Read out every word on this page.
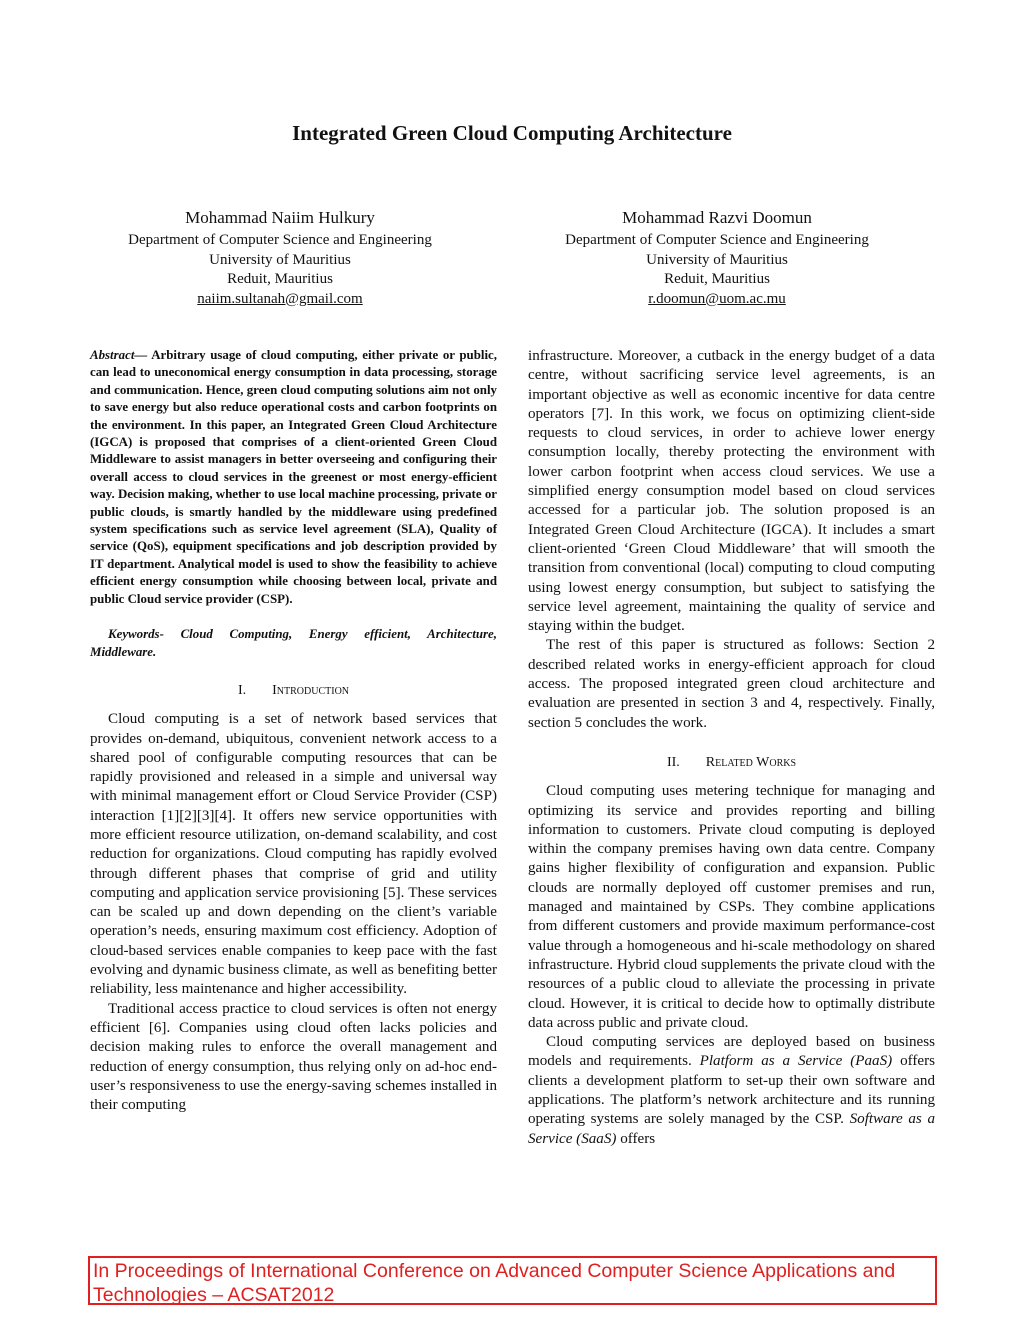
Integrated Green Cloud Computing Architecture
Mohammad Naiim Hulkury
Department of Computer Science and Engineering
University of Mauritius
Reduit, Mauritius
naiim.sultanah@gmail.com
Mohammad Razvi Doomun
Department of Computer Science and Engineering
University of Mauritius
Reduit, Mauritius
r.doomun@uom.ac.mu
Abstract— Arbitrary usage of cloud computing, either private or public, can lead to uneconomical energy consumption in data processing, storage and communication. Hence, green cloud computing solutions aim not only to save energy but also reduce operational costs and carbon footprints on the environment. In this paper, an Integrated Green Cloud Architecture (IGCA) is proposed that comprises of a client-oriented Green Cloud Middleware to assist managers in better overseeing and configuring their overall access to cloud services in the greenest or most energy-efficient way. Decision making, whether to use local machine processing, private or public clouds, is smartly handled by the middleware using predefined system specifications such as service level agreement (SLA), Quality of service (QoS), equipment specifications and job description provided by IT department. Analytical model is used to show the feasibility to achieve efficient energy consumption while choosing between local, private and public Cloud service provider (CSP).
Keywords- Cloud Computing, Energy efficient, Architecture, Middleware.
I. Introduction

Cloud computing is a set of network based services that provides on-demand, ubiquitous, convenient network access to a shared pool of configurable computing resources that can be rapidly provisioned and released in a simple and universal way with minimal management effort or Cloud Service Provider (CSP) interaction [1][2][3][4]. It offers new service opportunities with more efficient resource utilization, on-demand scalability, and cost reduction for organizations. Cloud computing has rapidly evolved through different phases that comprise of grid and utility computing and application service provisioning [5]. These services can be scaled up and down depending on the client’s variable operation’s needs, ensuring maximum cost efficiency. Adoption of cloud-based services enable companies to keep pace with the fast evolving and dynamic business climate, as well as benefiting better reliability, less maintenance and higher accessibility.

Traditional access practice to cloud services is often not energy efficient [6]. Companies using cloud often lacks policies and decision making rules to enforce the overall management and reduction of energy consumption, thus relying only on ad-hoc end-user’s responsiveness to use the energy-saving schemes installed in their computing

infrastructure. Moreover, a cutback in the energy budget of a data centre, without sacrificing service level agreements, is an important objective as well as economic incentive for data centre operators [7]. In this work, we focus on optimizing client-side requests to cloud services, in order to achieve lower energy consumption locally, thereby protecting the environment with lower carbon footprint when access cloud services. We use a simplified energy consumption model based on cloud services accessed for a particular job. The solution proposed is an Integrated Green Cloud Architecture (IGCA). It includes a smart client-oriented ‘Green Cloud Middleware’ that will smooth the transition from conventional (local) computing to cloud computing using lowest energy consumption, but subject to satisfying the service level agreement, maintaining the quality of service and staying within the budget.

The rest of this paper is structured as follows: Section 2 described related works in energy-efficient approach for cloud access. The proposed integrated green cloud architecture and evaluation are presented in section 3 and 4, respectively. Finally, section 5 concludes the work.

II. Related Works

Cloud computing uses metering technique for managing and optimizing its service and provides reporting and billing information to customers. Private cloud computing is deployed within the company premises having own data centre. Company gains higher flexibility of configuration and expansion. Public clouds are normally deployed off customer premises and run, managed and maintained by CSPs. They combine applications from different customers and provide maximum performance-cost value through a homogeneous and hi-scale methodology on shared infrastructure. Hybrid cloud supplements the private cloud with the resources of a public cloud to alleviate the processing in private cloud. However, it is critical to decide how to optimally distribute data across public and private cloud.

Cloud computing services are deployed based on business models and requirements. Platform as a Service (PaaS) offers clients a development platform to set-up their own software and applications. The platform’s network architecture and its running operating systems are solely managed by the CSP. Software as a Service (SaaS) offers

In Proceedings of International Conference on Advanced Computer Science Applications and Technologies – ACSAT2012
